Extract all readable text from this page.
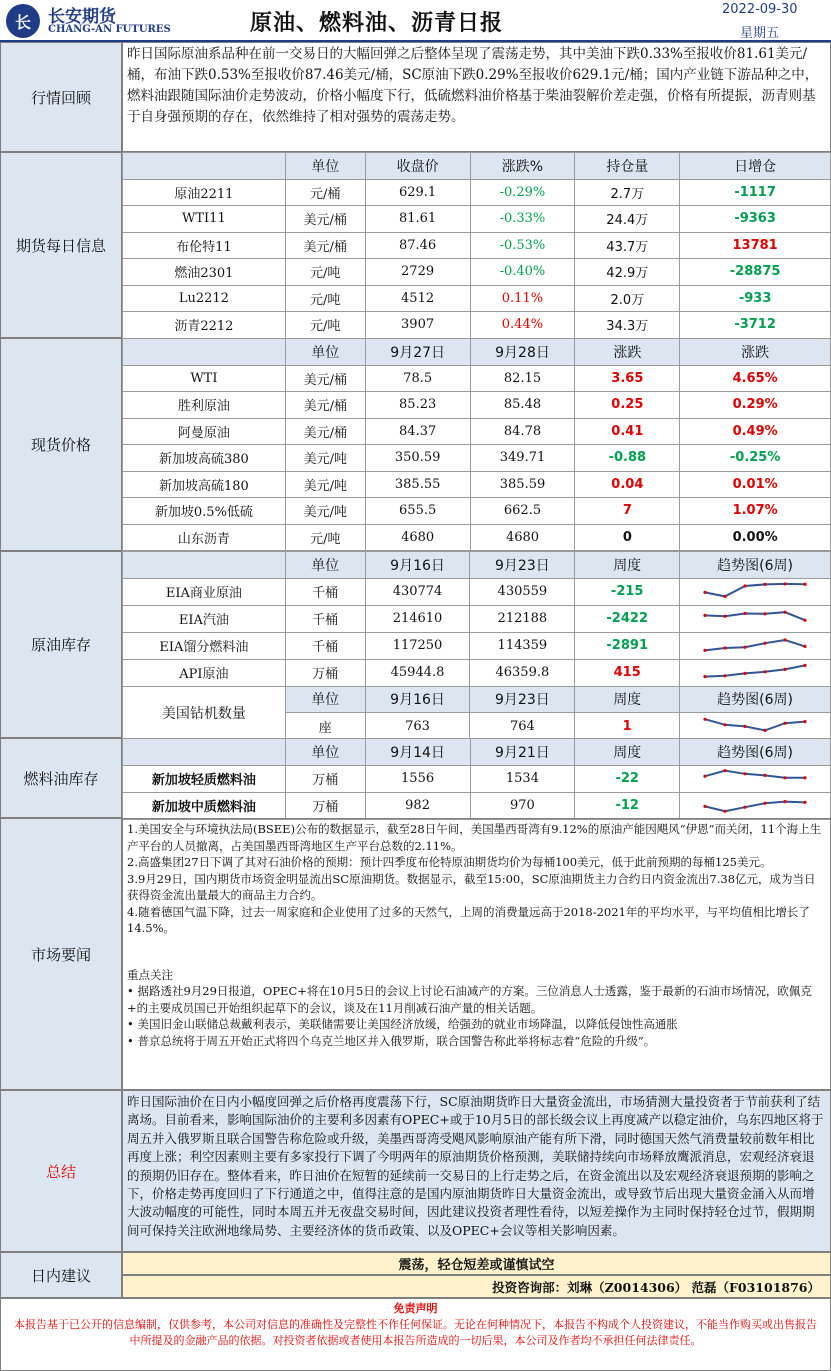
长	长安期货
CHANG-AN FUTURES	原油、燃料油、沥青日报
2022-09-30
星期五
行情回顾
昨日国际原油系品种在前一交易日的大幅回弹之后整体呈现了震荡走势，其中美油下跌0.33%至报收价81.61美元/桶，布油下跌0.53%至报收价87.46美元/桶，SC原油下跌0.29%至报收价629.1元/桶；国内产业链下游品种之中，燃料油跟随国际油价走势波动，价格小幅度下行，低硫燃料油价格基于柴油裂解价差走强，价格有所提振，沥青则基于自身强预期的存在，依然维持了相对强势的震荡走势。
期货每日信息
	单位	收盘价	涨跌%	持仓量	日增仓
原油2211	元/桶	629.1	-0.29%	2.7万	-1117
WTI11	美元/桶	81.61	-0.33%	24.4万	-9363
布伦特11	美元/桶	87.46	-0.53%	43.7万	13781
燃油2301	元/吨	2729	-0.40%	42.9万	-28875
Lu2212	元/吨	4512	0.11%	2.0万	-933
沥青2212	元/吨	3907	0.44%	34.3万	-3712
现货价格
	单位	9月27日	9月28日	涨跌	涨跌
WTI	美元/桶	78.5	82.15	3.65	4.65%
胜利原油	美元/桶	85.23	85.48	0.25	0.29%
阿曼原油	美元/桶	84.37	84.78	0.41	0.49%
新加坡高硫380	美元/吨	350.59	349.71	-0.88	-0.25%
新加坡高硫180	美元/吨	385.55	385.59	0.04	0.01%
新加坡0.5%低硫	美元/吨	655.5	662.5	7	1.07%
山东沥青	元/吨	4680	4680	0	0.00%
原油库存
	单位	9月16日	9月23日	周度	趋势图(6周)
EIA商业原油	千桶	430774	430559	-215	
EIA汽油	千桶	214610	212188	-2422	
EIA馏分燃料油	千桶	117250	114359	-2891	
API原油	万桶	45944.8	46359.8	415	
美国钻机数量	单位	9月16日	9月23日	周度	趋势图(6周)
	座	763	764	1	
燃料油库存
	单位	9月14日	9月21日	周度	趋势图(6周)
新加坡轻质燃料油	万桶	1556	1534	-22	
新加坡中质燃料油	万桶	982	970	-12	
市场要闻
1.美国安全与环境执法局(BSEE)公布的数据显示，截至28日午间，美国墨西哥湾有9.12%的原油产能因飓风“伊恩”而关闭，11个海上生产平台的人员撤离，占美国墨西哥湾地区生产平台总数的2.11%。
2.高盛集团27日下调了其对石油价格的预期：预计四季度布伦特原油期货均价为每桶100美元，低于此前预期的每桶125美元。
3.9月29日，国内期货市场资金明显流出SC原油期货。数据显示，截至15:00，SC原油期货主力合约日内资金流出7.38亿元，成为当日获得资金流出量最大的商品主力合约。
4.随着德国气温下降，过去一周家庭和企业使用了过多的天然气，上周的消费量远高于2018-2021年的平均水平，与平均值相比增长了14.5%。
重点关注
• 据路透社9月29日报道，OPEC+将在10月5日的会议上讨论石油减产的方案。三位消息人士透露，鉴于最新的石油市场情况，欧佩克+的主要成员国已开始组织起草下的会议，谈及在11月削减石油产量的相关话题。
• 美国旧金山联储总裁戴利表示，美联储需要让美国经济放缓，给强劲的就业市场降温，以降低侵蚀性高通胀
• 普京总统将于周五开始正式将四个乌克兰地区并入俄罗斯，联合国警告称此举将标志着“危险的升级”。
总结
昨日国际油价在日内小幅度回弹之后价格再度震荡下行，SC原油期货昨日大量资金流出，市场猜测大量投资者于节前获利了结离场。目前看来，影响国际油价的主要利多因素有OPEC+或于10月5日的部长级会议上再度减产以稳定油价，乌东四地区将于周五并入俄罗斯且联合国警告称危险或升级，美墨西哥湾受飓风影响原油产能有所下滑，同时德国天然气消费量较前数年相比再度上涨；利空因素则主要有多家投行下调了今明两年的原油期货价格预测，美联储持续向市场释放鹰派消息，宏观经济衰退的预期仍旧存在。整体看来，昨日油价在短暂的延续前一交易日的上行走势之后，在资金流出以及宏观经济衰退预期的影响之下，价格走势再度回归了下行通道之中，值得注意的是国内原油期货昨日大量资金流出，或导致节后出现大量资金涌入从而增大波动幅度的可能性，同时本周五并无夜盘交易时间，因此建议投资者理性看待，以短差操作为主同时保持轻仓过节，假期期间可保持关注欧洲地缘局势、主要经济体的货币政策、以及OPEC+会议等相关影响因素。
日内建议
震荡，轻仓短差或谨慎试空
投资咨询部：刘琳（Z0014306） 范磊（F03101876）
免责声明
本报告基于已公开的信息编制，仅供参考，本公司对信息的准确性及完整性不作任何保证。无论在何种情况下，本报告不构成个人投资建议，不能当作购买或出售报告中所提及的金融产品的依据。对投资者依据或者使用本报告所造成的一切后果，本公司及作者均不承担任何法律责任。
